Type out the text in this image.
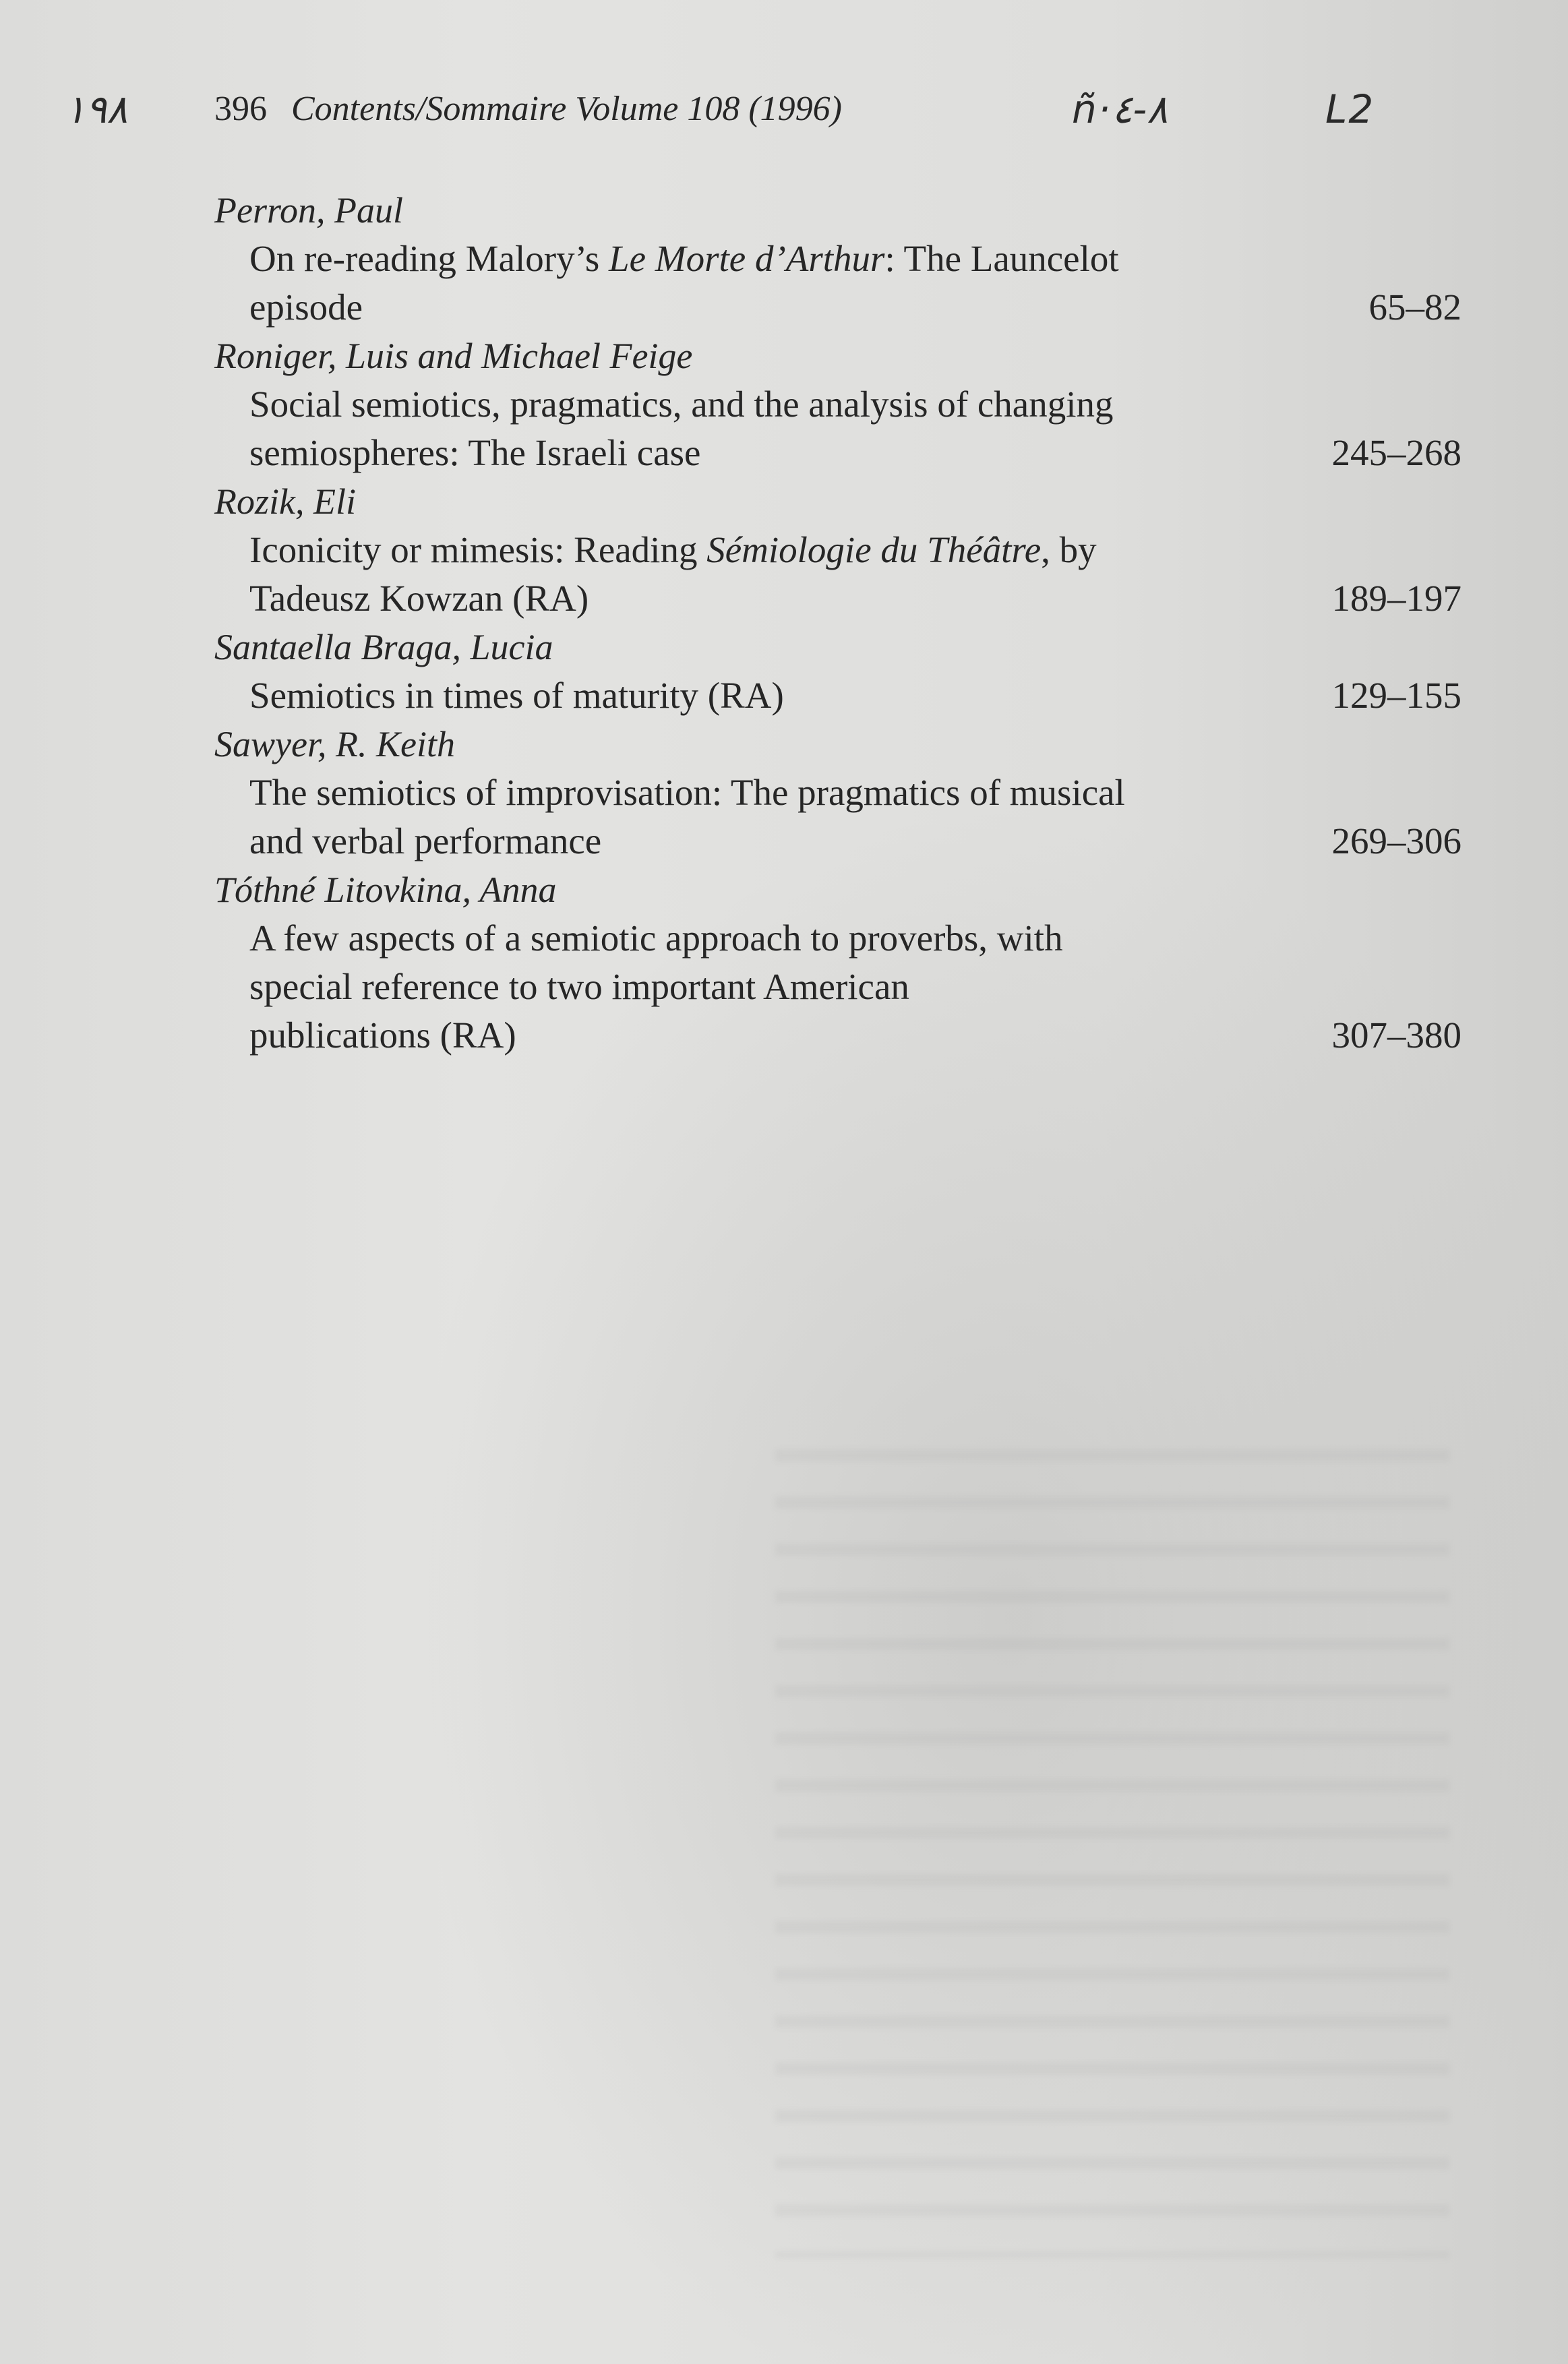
١٩٨	ñ·٨-٤	L2
396 Contents/Sommaire Volume 108 (1996)
Perron, Paul
On re-reading Malory’s Le Morte d’Arthur: The Launcelot
episode	65–82
Roniger, Luis and Michael Feige
Social semiotics, pragmatics, and the analysis of changing
semiospheres: The Israeli case	245–268
Rozik, Eli
Iconicity or mimesis: Reading Sémiologie du Théâtre, by
Tadeusz Kowzan (RA)	189–197
Santaella Braga, Lucia
Semiotics in times of maturity (RA)	129–155
Sawyer, R. Keith
The semiotics of improvisation: The pragmatics of musical
and verbal performance	269–306
Tóthné Litovkina, Anna
A few aspects of a semiotic approach to proverbs, with
special reference to two important American
publications (RA)	307–380
